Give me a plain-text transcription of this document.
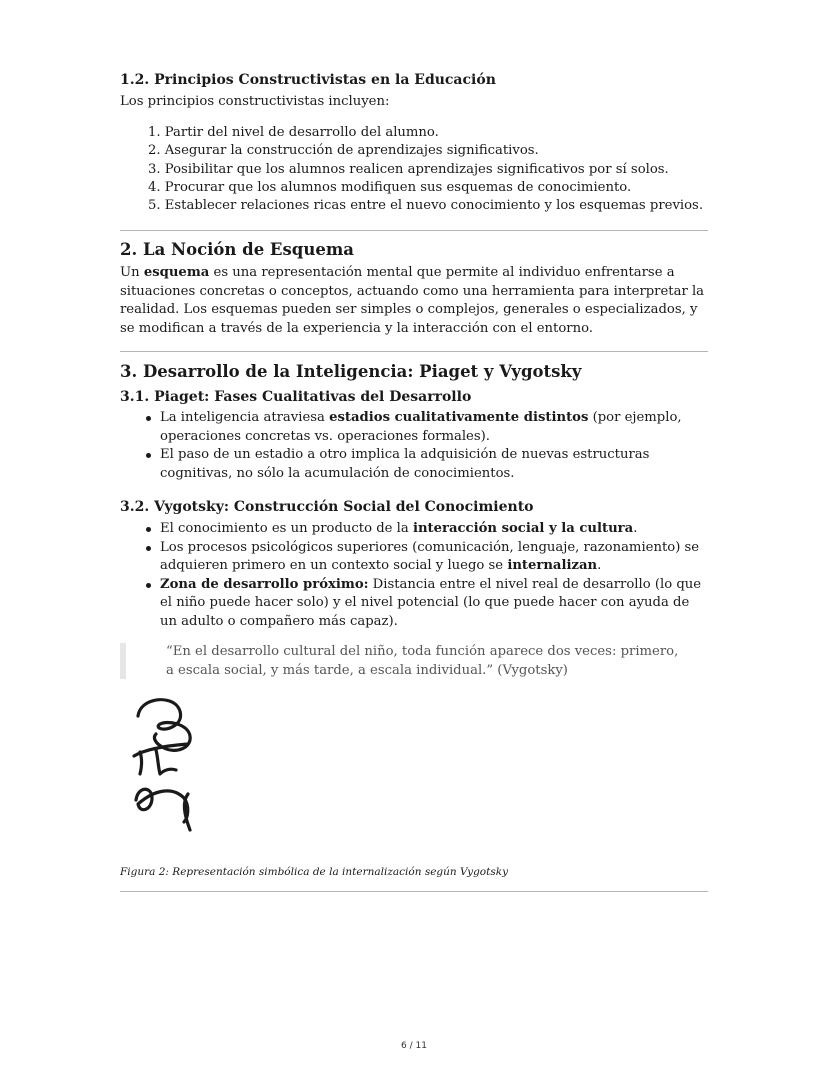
1.2. Principios Constructivistas en la Educación
Los principios constructivistas incluyen:
1. Partir del nivel de desarrollo del alumno.
2. Asegurar la construcción de aprendizajes significativos.
3. Posibilitar que los alumnos realicen aprendizajes significativos por sí solos.
4. Procurar que los alumnos modifiquen sus esquemas de conocimiento.
5. Establecer relaciones ricas entre el nuevo conocimiento y los esquemas previos.
2. La Noción de Esquema
Un esquema es una representación mental que permite al individuo enfrentarse a situaciones concretas o conceptos, actuando como una herramienta para interpretar la realidad. Los esquemas pueden ser simples o complejos, generales o especializados, y se modifican a través de la experiencia y la interacción con el entorno.
3. Desarrollo de la Inteligencia: Piaget y Vygotsky
3.1. Piaget: Fases Cualitativas del Desarrollo
La inteligencia atraviesa estadios cualitativamente distintos (por ejemplo, operaciones concretas vs. operaciones formales).
El paso de un estadio a otro implica la adquisición de nuevas estructuras cognitivas, no sólo la acumulación de conocimientos.
3.2. Vygotsky: Construcción Social del Conocimiento
El conocimiento es un producto de la interacción social y la cultura.
Los procesos psicológicos superiores (comunicación, lenguaje, razonamiento) se adquieren primero en un contexto social y luego se internalizan.
Zona de desarrollo próximo: Distancia entre el nivel real de desarrollo (lo que el niño puede hacer solo) y el nivel potencial (lo que puede hacer con ayuda de un adulto o compañero más capaz).
“En el desarrollo cultural del niño, toda función aparece dos veces: primero, a escala social, y más tarde, a escala individual.” (Vygotsky)
Figura 2: Representación simbólica de la internalización según Vygotsky
6 / 11
